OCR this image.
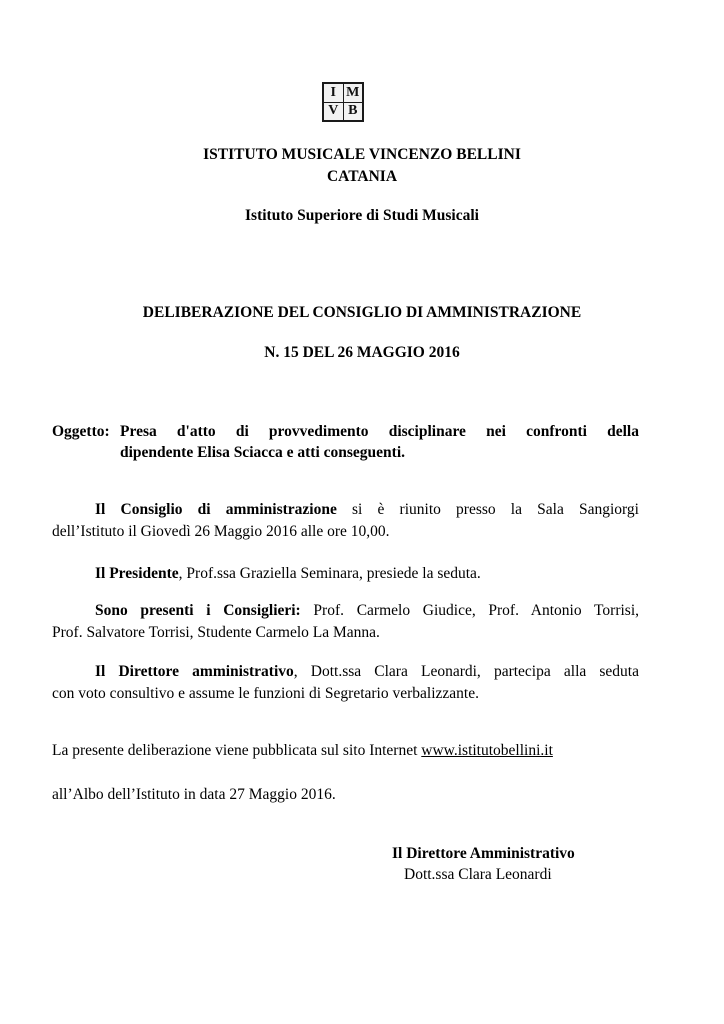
I M
V B
ISTITUTO MUSICALE VINCENZO BELLINI
CATANIA
Istituto Superiore di Studi Musicali
DELIBERAZIONE DEL CONSIGLIO DI AMMINISTRAZIONE
N. 15 DEL 26 MAGGIO 2016
Oggetto: Presa d'atto di provvedimento disciplinare nei confronti della
dipendente Elisa Sciacca e atti conseguenti.
Il Consiglio di amministrazione si è riunito presso la Sala Sangiorgi
dell’Istituto il Giovedì 26 Maggio 2016 alle ore 10,00.
Il Presidente, Prof.ssa Graziella Seminara, presiede la seduta.
Sono presenti i Consiglieri: Prof. Carmelo Giudice, Prof. Antonio Torrisi,
Prof. Salvatore Torrisi, Studente Carmelo La Manna.
Il Direttore amministrativo, Dott.ssa Clara Leonardi, partecipa alla seduta
con voto consultivo e assume le funzioni di Segretario verbalizzante.
La presente deliberazione viene pubblicata sul sito Internet www.istitutobellini.it
all’Albo dell’Istituto in data 27 Maggio 2016.
Il Direttore Amministrativo
Dott.ssa Clara Leonardi
